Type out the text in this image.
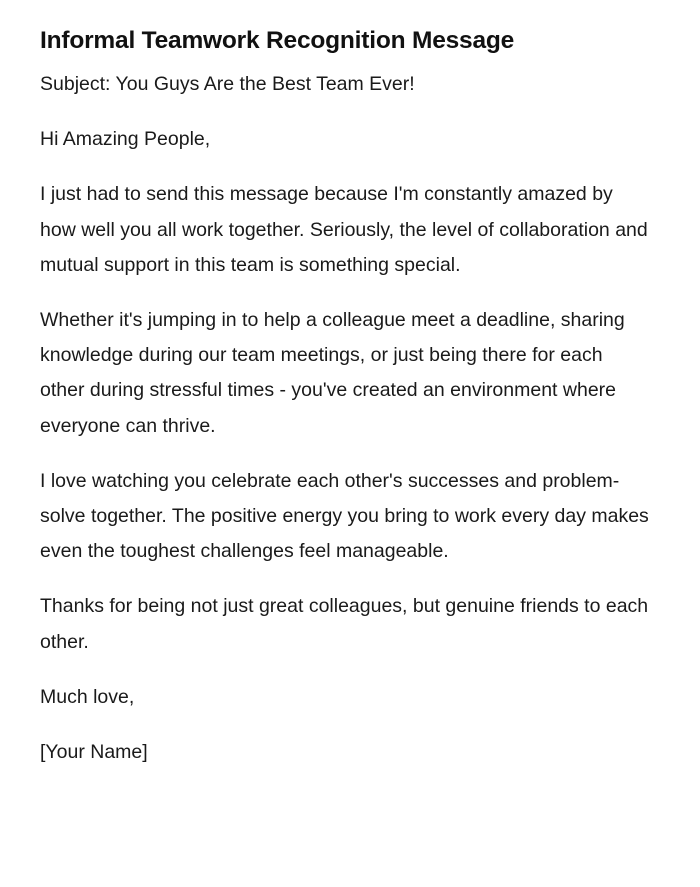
Informal Teamwork Recognition Message

Subject: You Guys Are the Best Team Ever!

Hi Amazing People,

I just had to send this message because I'm constantly amazed by how well you all work together. Seriously, the level of collaboration and mutual support in this team is something special.

Whether it's jumping in to help a colleague meet a deadline, sharing knowledge during our team meetings, or just being there for each other during stressful times - you've created an environment where everyone can thrive.

I love watching you celebrate each other's successes and problem-solve together. The positive energy you bring to work every day makes even the toughest challenges feel manageable.

Thanks for being not just great colleagues, but genuine friends to each other.

Much love,

[Your Name]
